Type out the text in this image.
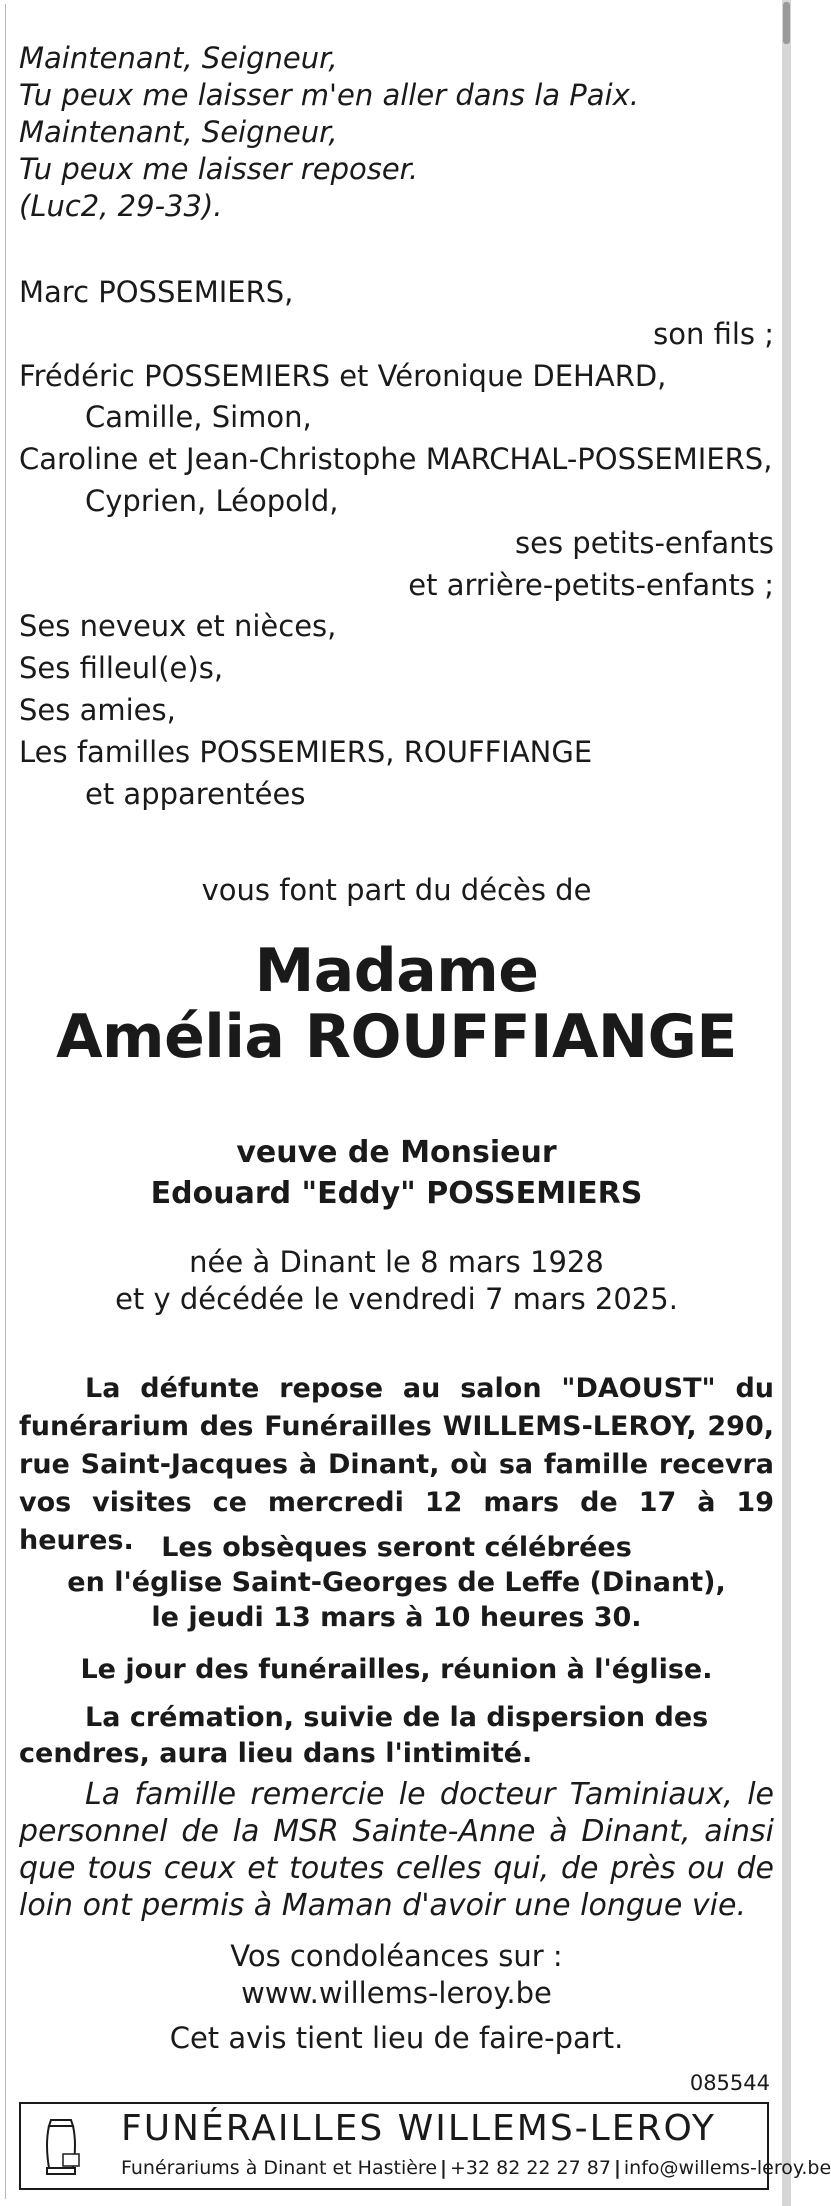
Maintenant, Seigneur,
Tu peux me laisser m'en aller dans la Paix.
Maintenant, Seigneur,
Tu peux me laisser reposer.
(Luc2, 29-33).
Marc POSSEMIERS,
son fils ;
Frédéric POSSEMIERS et Véronique DEHARD,
Camille, Simon,
Caroline et Jean-Christophe MARCHAL-POSSEMIERS,
Cyprien, Léopold,
ses petits-enfants
et arrière-petits-enfants ;
Ses neveux et nièces,
Ses filleul(e)s,
Ses amies,
Les familles POSSEMIERS, ROUFFIANGE
et apparentées
vous font part du décès de
Madame
Amélia ROUFFIANGE
veuve de Monsieur
Edouard "Eddy" POSSEMIERS
née à Dinant le 8 mars 1928
et y décédée le vendredi 7 mars 2025.
La défunte repose au salon "DAOUST" du funérarium des Funérailles WILLEMS-LEROY, 290, rue Saint-Jacques à Dinant, où sa famille recevra vos visites ce mercredi 12 mars de 17 à 19 heures.	Les obsèques seront célébrées
en l'église Saint-Georges de Leffe (Dinant),
le jeudi 13 mars à 10 heures 30.
Le jour des funérailles, réunion à l'église.
La crémation, suivie de la dispersion des cendres, aura lieu dans l'intimité.
La famille remercie le docteur Taminiaux, le personnel de la MSR Sainte-Anne à Dinant, ainsi que tous ceux et toutes celles qui, de près ou de loin ont permis à Maman d'avoir une longue vie.
Vos condoléances sur :
www.willems-leroy.be
Cet avis tient lieu de faire-part.
085544
FUNÉRAILLES WILLEMS-LEROY
Funérariums à Dinant et Hastière | +32 82 22 27 87 | info@willems-leroy.be
